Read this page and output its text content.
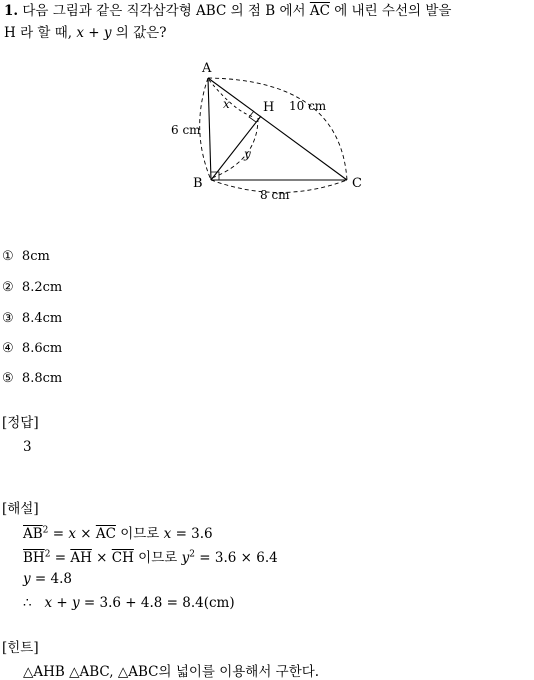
1. 다음 그림과 같은 직각삼각형 ABC 의 점 B 에서 $\overline{AC}$ 에 내린 수선의 발을
H 라 할 때, x + y 의 값은?
A
B	C
H
x
y
6 cm
8 cm
10 cm
① 8cm
② 8.2cm
③ 8.4cm
④ 8.6cm
⑤ 8.8cm
[정답]
3
[해설]
$\overline{AB}^2 = x \times \overline{AC}$ 이므로 x = 3.6
$\overline{BH}^2 = \overline{AH} \times \overline{CH}$ 이므로 $y^2 = 3.6 \times 6.4$
y = 4.8
∴ x + y = 3.6 + 4.8 = 8.4(cm)
[힌트]
△AHB △ABC, △ABC의 넓이를 이용해서 구한다.
